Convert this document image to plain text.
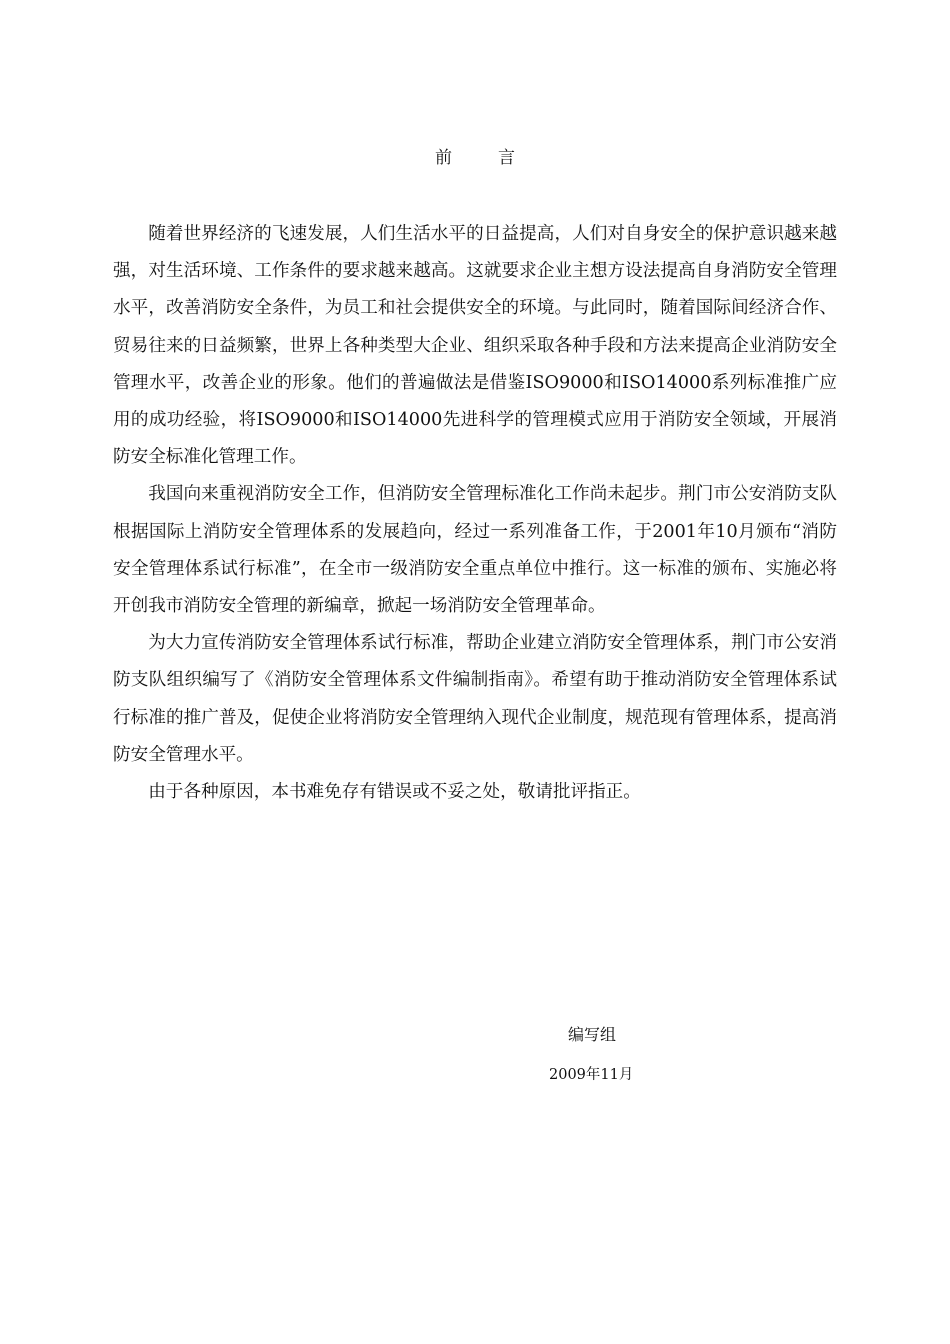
前	言

随着世界经济的飞速发展，人们生活水平的日益提高，人们对自身安全的保护意识越来越强，对生活环境、工作条件的要求越来越高。这就要求企业主想方设法提高自身消防安全管理水平，改善消防安全条件，为员工和社会提供安全的环境。与此同时，随着国际间经济合作、贸易往来的日益频繁，世界上各种类型大企业、组织采取各种手段和方法来提高企业消防安全管理水平，改善企业的形象。他们的普遍做法是借鉴ISO9000和ISO14000系列标准推广应用的成功经验，将ISO9000和ISO14000先进科学的管理模式应用于消防安全领域，开展消防安全标准化管理工作。

我国向来重视消防安全工作，但消防安全管理标准化工作尚未起步。荆门市公安消防支队根据国际上消防安全管理体系的发展趋向，经过一系列准备工作，于2001年10月颁布“消防安全管理体系试行标准”，在全市一级消防安全重点单位中推行。这一标准的颁布、实施必将开创我市消防安全管理的新编章，掀起一场消防安全管理革命。

为大力宣传消防安全管理体系试行标准，帮助企业建立消防安全管理体系，荆门市公安消防支队组织编写了《消防安全管理体系文件编制指南》。希望有助于推动消防安全管理体系试行标准的推广普及，促使企业将消防安全管理纳入现代企业制度，规范现有管理体系，提高消防安全管理水平。

由于各种原因，本书难免存有错误或不妥之处，敬请批评指正。

编写组
2009年11月
